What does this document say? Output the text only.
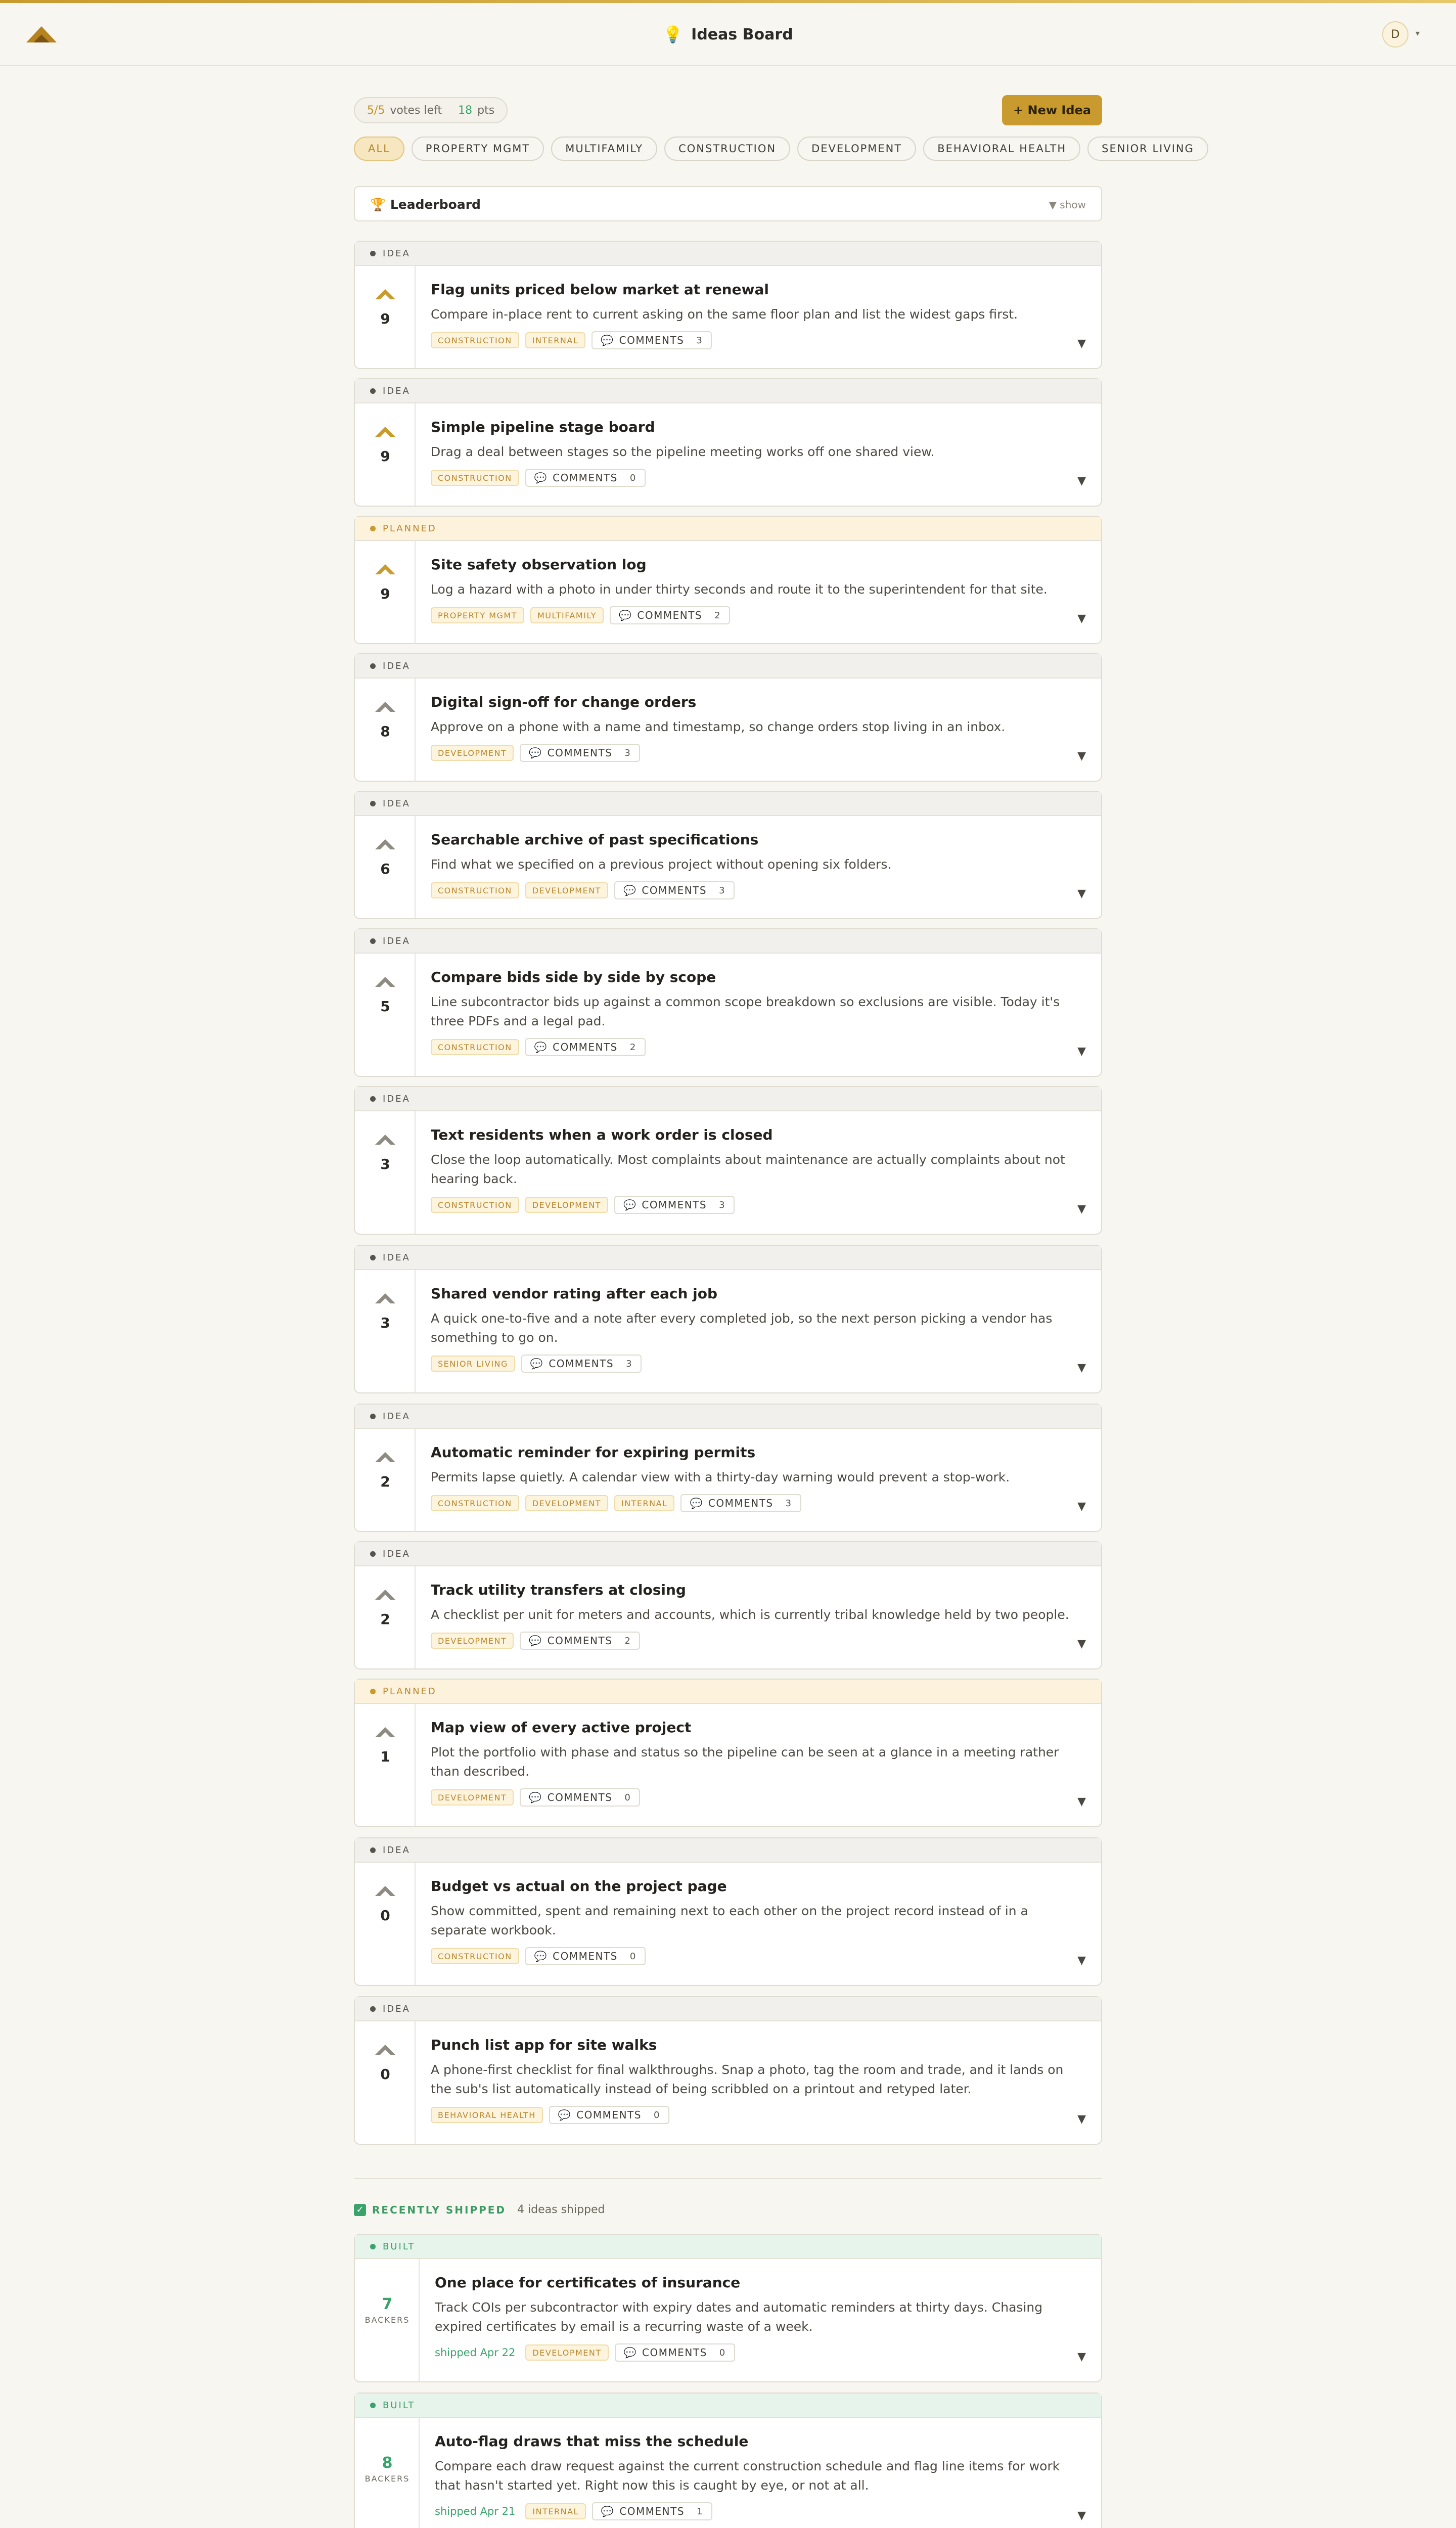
💡 Ideas Board	D	▾
5/5 votes left 18 pts	+ New Idea
ALL	PROPERTY MGMT	MULTIFAMILY	CONSTRUCTION	DEVELOPMENT	BEHAVIORAL HEALTH	SENIOR LIVING
🏆 Leaderboard	▼ show
IDEA
9
Flag units priced below market at renewal
Compare in-place rent to current asking on the same floor plan and list the widest gaps first.
CONSTRUCTION	INTERNAL	💬 COMMENTS 3	▼
IDEA
9
Simple pipeline stage board
Drag a deal between stages so the pipeline meeting works off one shared view.
CONSTRUCTION	💬 COMMENTS 0	▼
PLANNED
9
Site safety observation log
Log a hazard with a photo in under thirty seconds and route it to the superintendent for that site.
PROPERTY MGMT	MULTIFAMILY	💬 COMMENTS 2	▼
IDEA
8
Digital sign-off for change orders
Approve on a phone with a name and timestamp, so change orders stop living in an inbox.
DEVELOPMENT	💬 COMMENTS 3	▼
IDEA
6
Searchable archive of past specifications
Find what we specified on a previous project without opening six folders.
CONSTRUCTION	DEVELOPMENT	💬 COMMENTS 3	▼
IDEA
5
Compare bids side by side by scope
Line subcontractor bids up against a common scope breakdown so exclusions are visible. Today it's three PDFs and a legal pad.
CONSTRUCTION	💬 COMMENTS 2	▼
IDEA
3
Text residents when a work order is closed
Close the loop automatically. Most complaints about maintenance are actually complaints about not hearing back.
CONSTRUCTION	DEVELOPMENT	💬 COMMENTS 3	▼
IDEA
3
Shared vendor rating after each job
A quick one-to-five and a note after every completed job, so the next person picking a vendor has something to go on.
SENIOR LIVING	💬 COMMENTS 3	▼
IDEA
2
Automatic reminder for expiring permits
Permits lapse quietly. A calendar view with a thirty-day warning would prevent a stop-work.
CONSTRUCTION	DEVELOPMENT	INTERNAL	💬 COMMENTS 3	▼
IDEA
2
Track utility transfers at closing
A checklist per unit for meters and accounts, which is currently tribal knowledge held by two people.
DEVELOPMENT	💬 COMMENTS 2	▼
PLANNED
1
Map view of every active project
Plot the portfolio with phase and status so the pipeline can be seen at a glance in a meeting rather than described.
DEVELOPMENT	💬 COMMENTS 0	▼
IDEA
0
Budget vs actual on the project page
Show committed, spent and remaining next to each other on the project record instead of in a separate workbook.
CONSTRUCTION	💬 COMMENTS 0	▼
IDEA
0
Punch list app for site walks
A phone-first checklist for final walkthroughs. Snap a photo, tag the room and trade, and it lands on the sub's list automatically instead of being scribbled on a printout and retyped later.
BEHAVIORAL HEALTH	💬 COMMENTS 0	▼
✓ RECENTLY SHIPPED 4 ideas shipped
BUILT
7
BACKERS
One place for certificates of insurance
Track COIs per subcontractor with expiry dates and automatic reminders at thirty days. Chasing expired certificates by email is a recurring waste of a week.
shipped Apr 22	DEVELOPMENT	💬 COMMENTS 0	▼
BUILT
8
BACKERS
Auto-flag draws that miss the schedule
Compare each draw request against the current construction schedule and flag line items for work that hasn't started yet. Right now this is caught by eye, or not at all.
shipped Apr 21	INTERNAL	💬 COMMENTS 1	▼
